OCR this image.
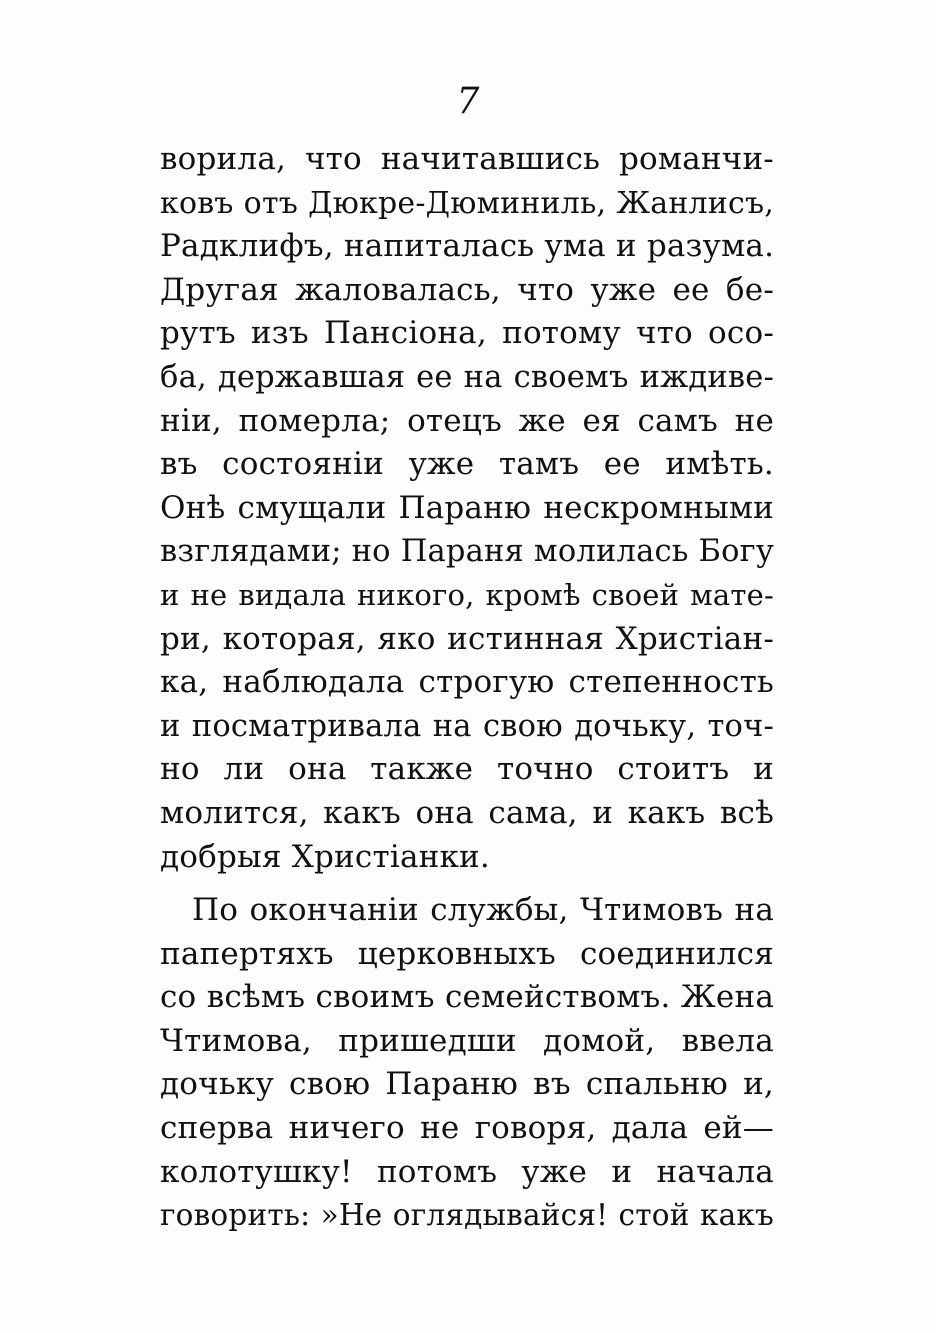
7
ворила, что начитавшись романчи-
ковъ отъ Дюкре-Дюминиль, Жанлисъ,
Радклифъ, напиталась ума и разума.
Другая жаловалась, что уже ее бе-
рутъ изъ Пансіона, потому что осо-
ба, державшая ее на своемъ иждиве-
ніи, померла; отецъ же ея самъ не
въ состояніи уже тамъ ее имѣть.
Онѣ смущали Параню нескромными
взглядами; но Параня молилась Богу
и не видала никого, кромѣ своей мате-
ри, которая, яко истинная Христіан-
ка, наблюдала строгую степенность
и посматривала на свою дочьку, точ-
но ли она также точно стоитъ и
молится, какъ она сама, и какъ всѣ
добрыя Христіанки.
По окончаніи службы, Чтимовъ на
папертяхъ церковныхъ соединился
со всѣмъ своимъ семействомъ. Жена
Чтимова, пришедши домой, ввела
дочьку свою Параню въ спальню и,
сперва ничего не говоря, дала ей—
колотушку! потомъ уже и начала
говорить: »Не оглядывайся! стой какъ
